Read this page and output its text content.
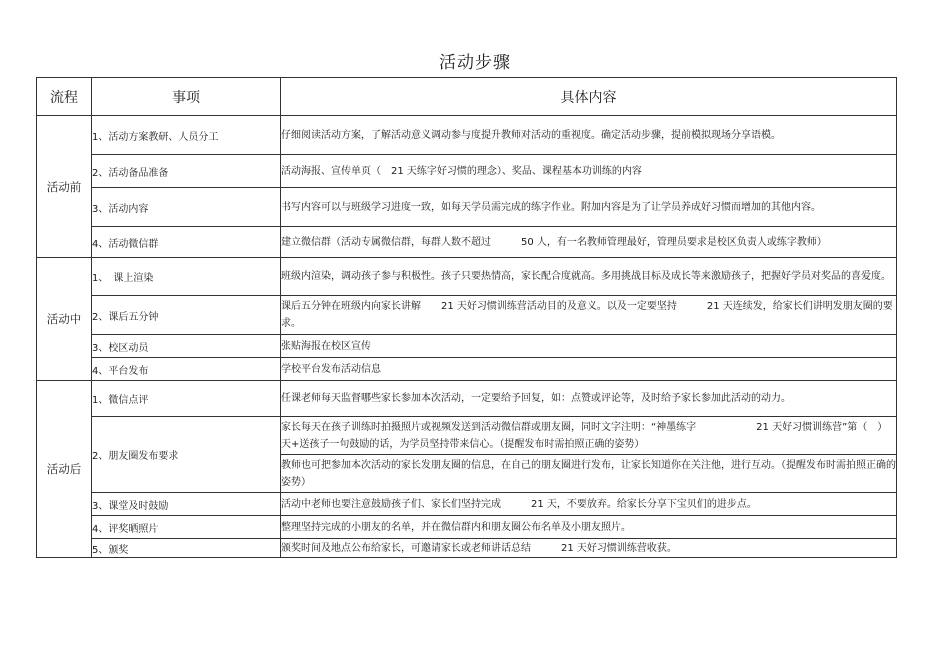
活动步骤
流程	事项	具体内容
活动前	1、活动方案教研、人员分工	仔细阅读活动方案，了解活动意义调动参与度提升教师对活动的重视度。确定活动步骤，提前模拟现场分享语模。
	2、活动备品准备	活动海报、宣传单页（　21 天练字好习惯的理念）、奖品、课程基本功训练的内容
	3、活动内容	书写内容可以与班级学习进度一致，如每天学员需完成的练字作业。附加内容是为了让学员养成好习惯而增加的其他内容。
	4、活动微信群	建立微信群（活动专属微信群，每群人数不超过　　　50 人，有一名教师管理最好，管理员要求是校区负责人或练字教师）
活动中	1、　课上渲染	班级内渲染，调动孩子参与积极性。孩子只要热情高，家长配合度就高。多用挑战目标及成长等来激励孩子，把握好学员对奖品的喜爱度。
	2、课后五分钟	课后五分钟在班级内向家长讲解　　21 天好习惯训练营活动目的及意义。以及一定要坚持　　　21 天连续发，给家长们讲明发朋友圈的要求。
	3、校区动员	张贴海报在校区宣传
	4、平台发布	学校平台发布活动信息
活动后	1、微信点评	任课老师每天监督哪些家长参加本次活动，一定要给予回复，如：点赞或评论等，及时给予家长参加此活动的动力。
	2、朋友圈发布要求	家长每天在孩子训练时拍摄照片或视频发送到活动微信群或朋友圈，同时文字注明：“神墨练字　　　　　　21 天好习惯训练营”第（　）天+送孩子一句鼓励的话，为学员坚持带来信心。（提醒发布时需拍照正确的姿势）
		教师也可把参加本次活动的家长发朋友圈的信息，在自己的朋友圈进行发布，让家长知道你在关注他，进行互动。（提醒发布时需拍照正确的姿势）
	3、课堂及时鼓励	活动中老师也要注意鼓励孩子们、家长们坚持完成　　　21 天，不要放弃。给家长分享下宝贝们的进步点。
	4、评奖晒照片	整理坚持完成的小朋友的名单，并在微信群内和朋友圈公布名单及小朋友照片。
	5、颁奖	颁奖时间及地点公布给家长，可邀请家长或老师讲话总结　　　21 天好习惯训练营收获。
